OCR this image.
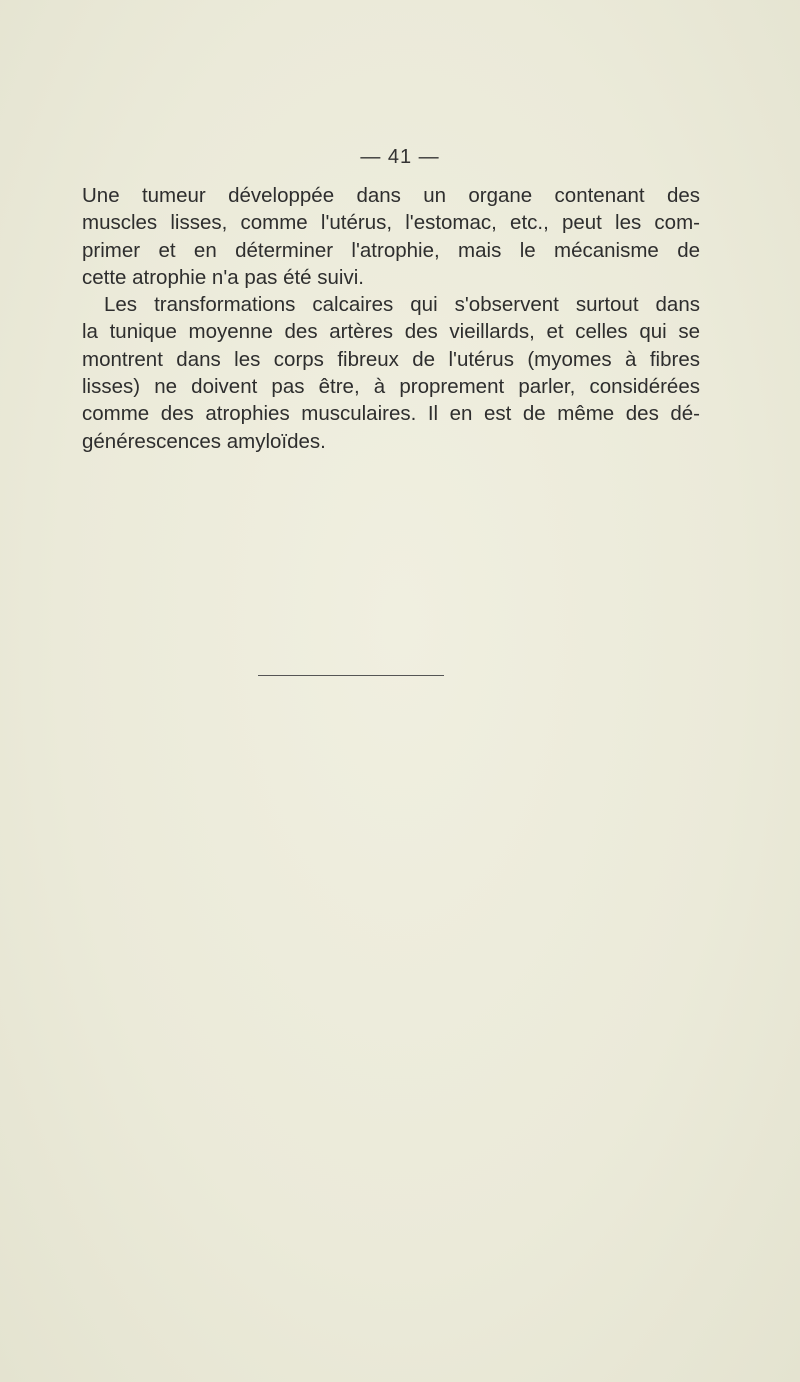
— 41 —
Une tumeur développée dans un organe contenant des
muscles lisses, comme l'utérus, l'estomac, etc., peut les com-
primer et en déterminer l'atrophie, mais le mécanisme de
cette atrophie n'a pas été suivi.
Les transformations calcaires qui s'observent surtout dans
la tunique moyenne des artères des vieillards, et celles qui se
montrent dans les corps fibreux de l'utérus (myomes à fibres
lisses) ne doivent pas être, à proprement parler, considérées
comme des atrophies musculaires. Il en est de même des dé-
générescences amyloïdes.
